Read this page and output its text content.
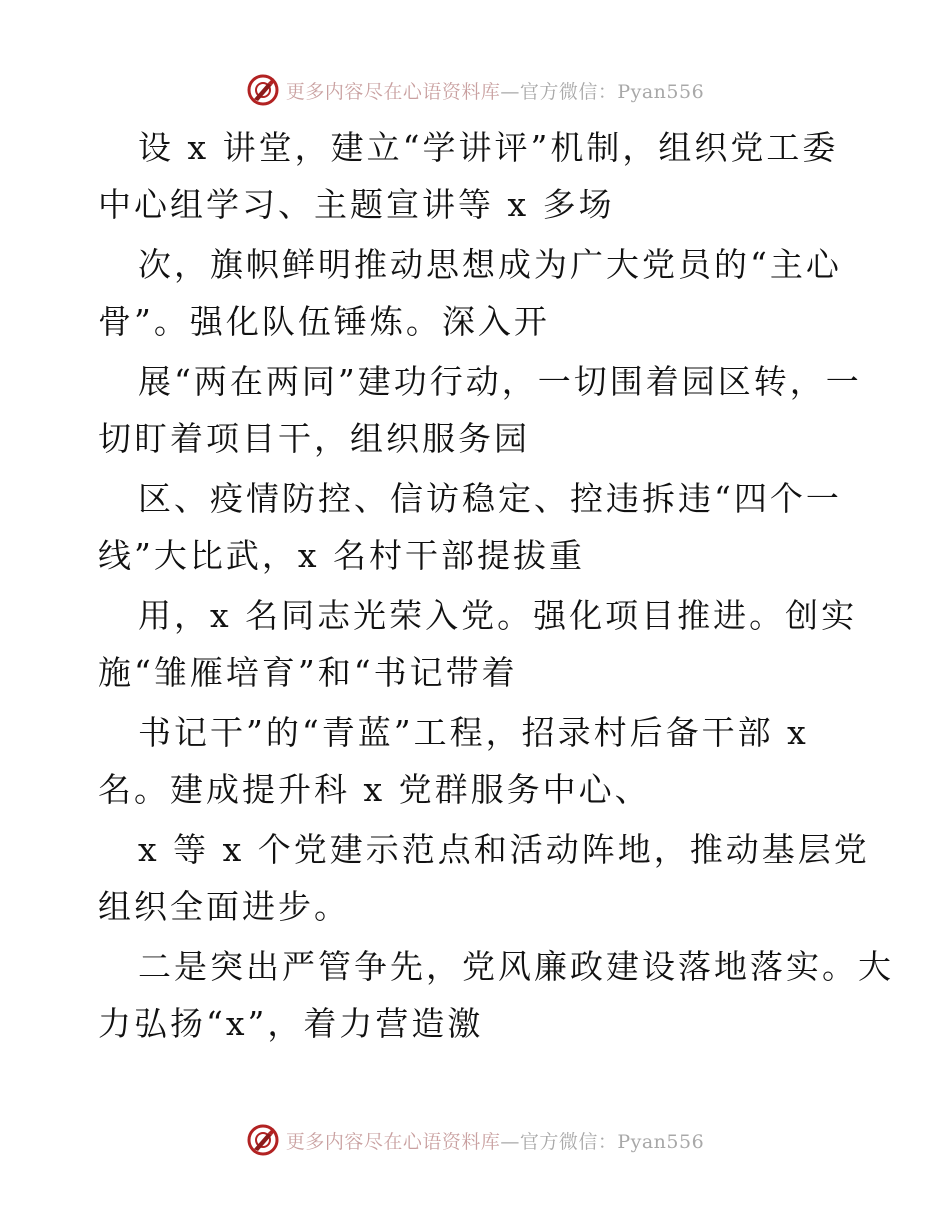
更多内容尽在心语资料库—官方微信：Pyan556
设 x 讲堂，建立“学讲评”机制，组织党工委
中心组学习、主题宣讲等 x 多场
次，旗帜鲜明推动思想成为广大党员的“主心
骨”。强化队伍锤炼。深入开
展“两在两同”建功行动，一切围着园区转，一
切盯着项目干，组织服务园
区、疫情防控、信访稳定、控违拆违“四个一
线”大比武，x 名村干部提拔重
用，x 名同志光荣入党。强化项目推进。创实
施“雏雁培育”和“书记带着
书记干”的“青蓝”工程，招录村后备干部 x
名。建成提升科 x 党群服务中心、
x 等 x 个党建示范点和活动阵地，推动基层党
组织全面进步。
二是突出严管争先，党风廉政建设落地落实。大
力弘扬“x”，着力营造激
更多内容尽在心语资料库—官方微信：Pyan556
